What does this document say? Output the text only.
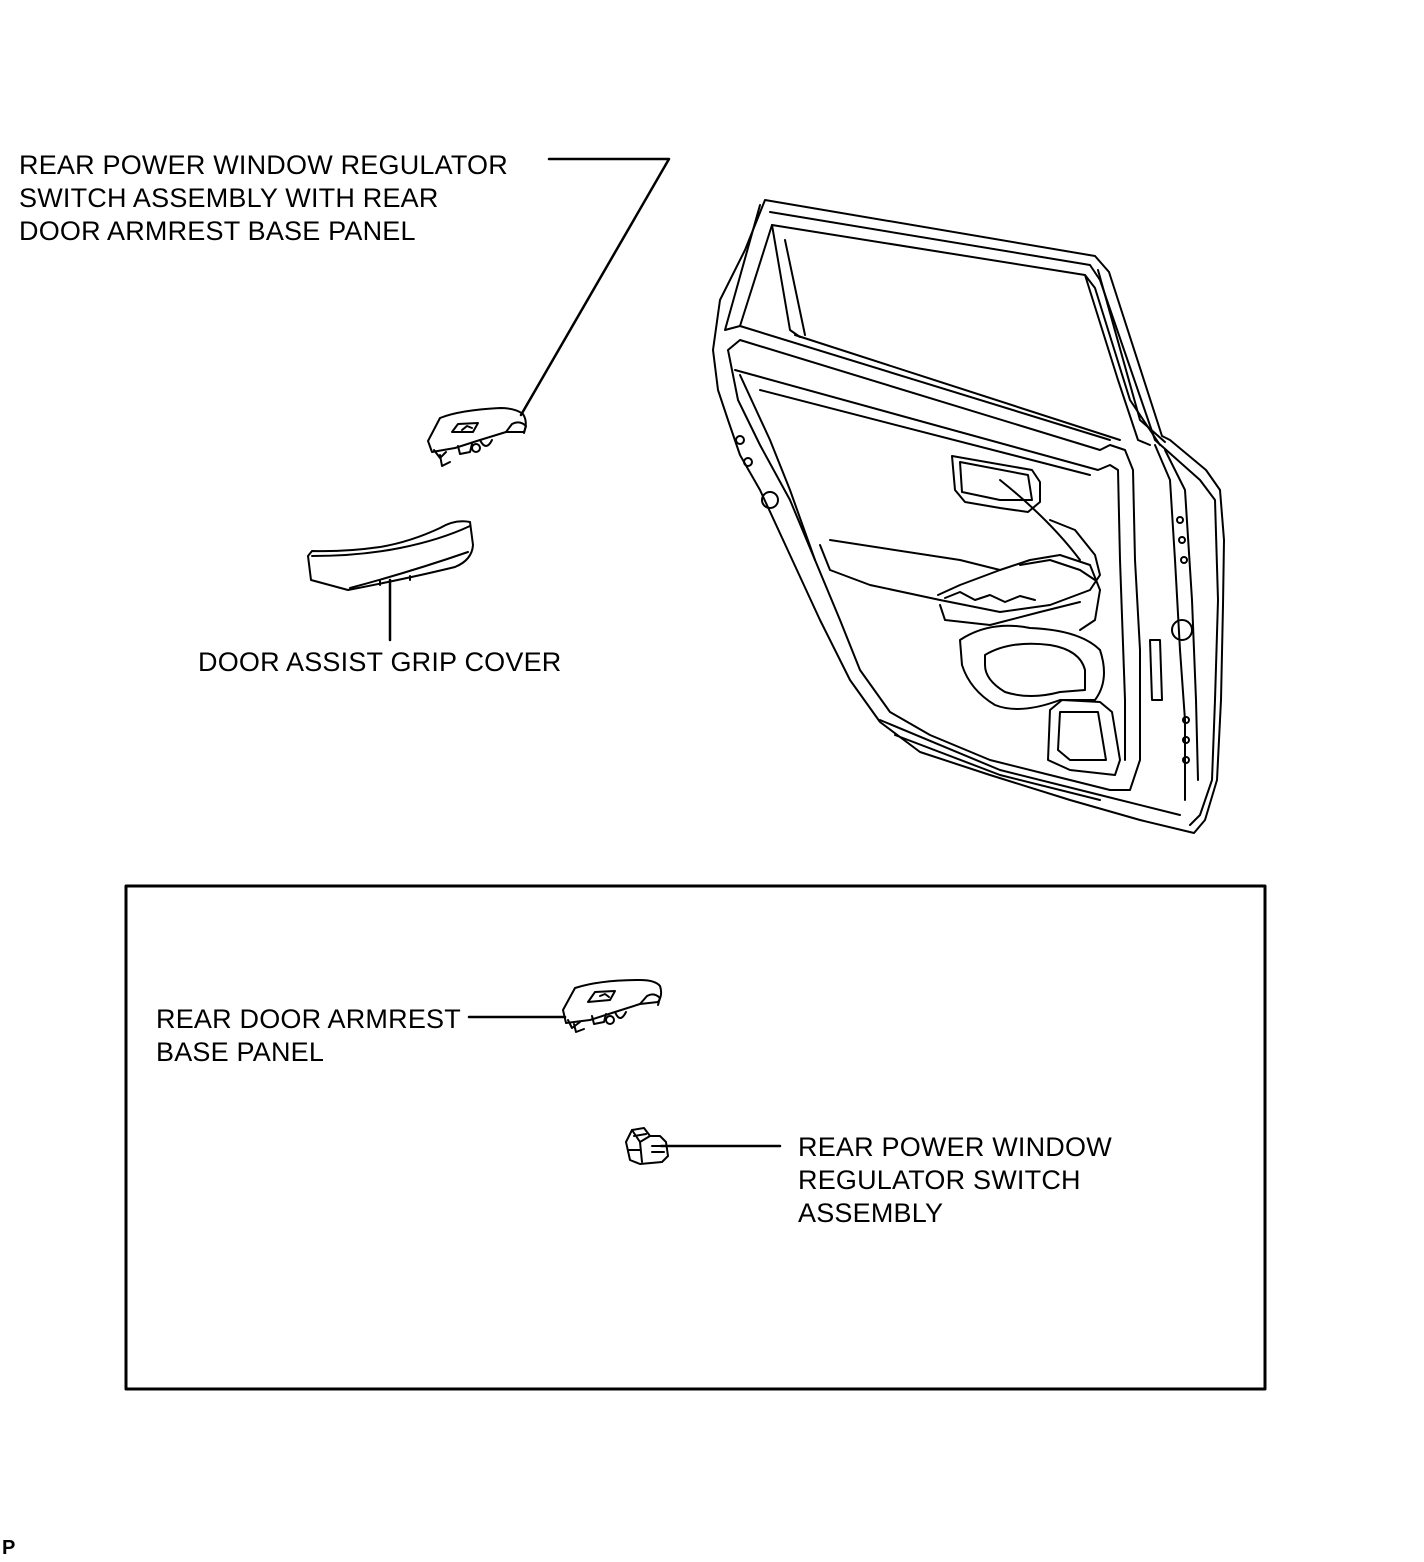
REAR POWER WINDOW REGULATOR
SWITCH ASSEMBLY WITH REAR
DOOR ARMREST BASE PANEL
DOOR ASSIST GRIP COVER
REAR DOOR ARMREST
BASE PANEL
REAR POWER WINDOW
REGULATOR SWITCH
ASSEMBLY
P
